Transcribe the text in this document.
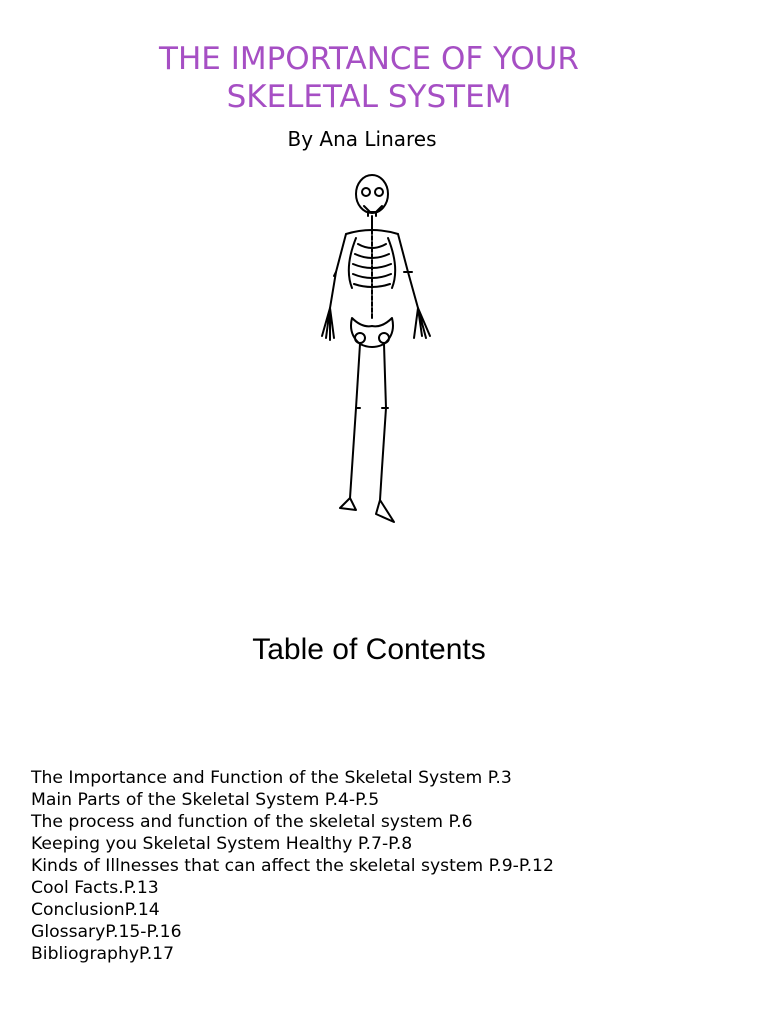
THE IMPORTANCE OF YOUR
SKELETAL SYSTEM
By Ana Linares
Table of Contents
The Importance and Function of the Skeletal System P.3
Main Parts of the Skeletal System P.4-P.5
The process and function of the skeletal system P.6
Keeping you Skeletal System Healthy P.7-P.8
Kinds of Illnesses that can affect the skeletal system P.9-P.12
Cool Facts.P.13
ConclusionP.14
GlossaryP.15-P.16
BibliographyP.17
